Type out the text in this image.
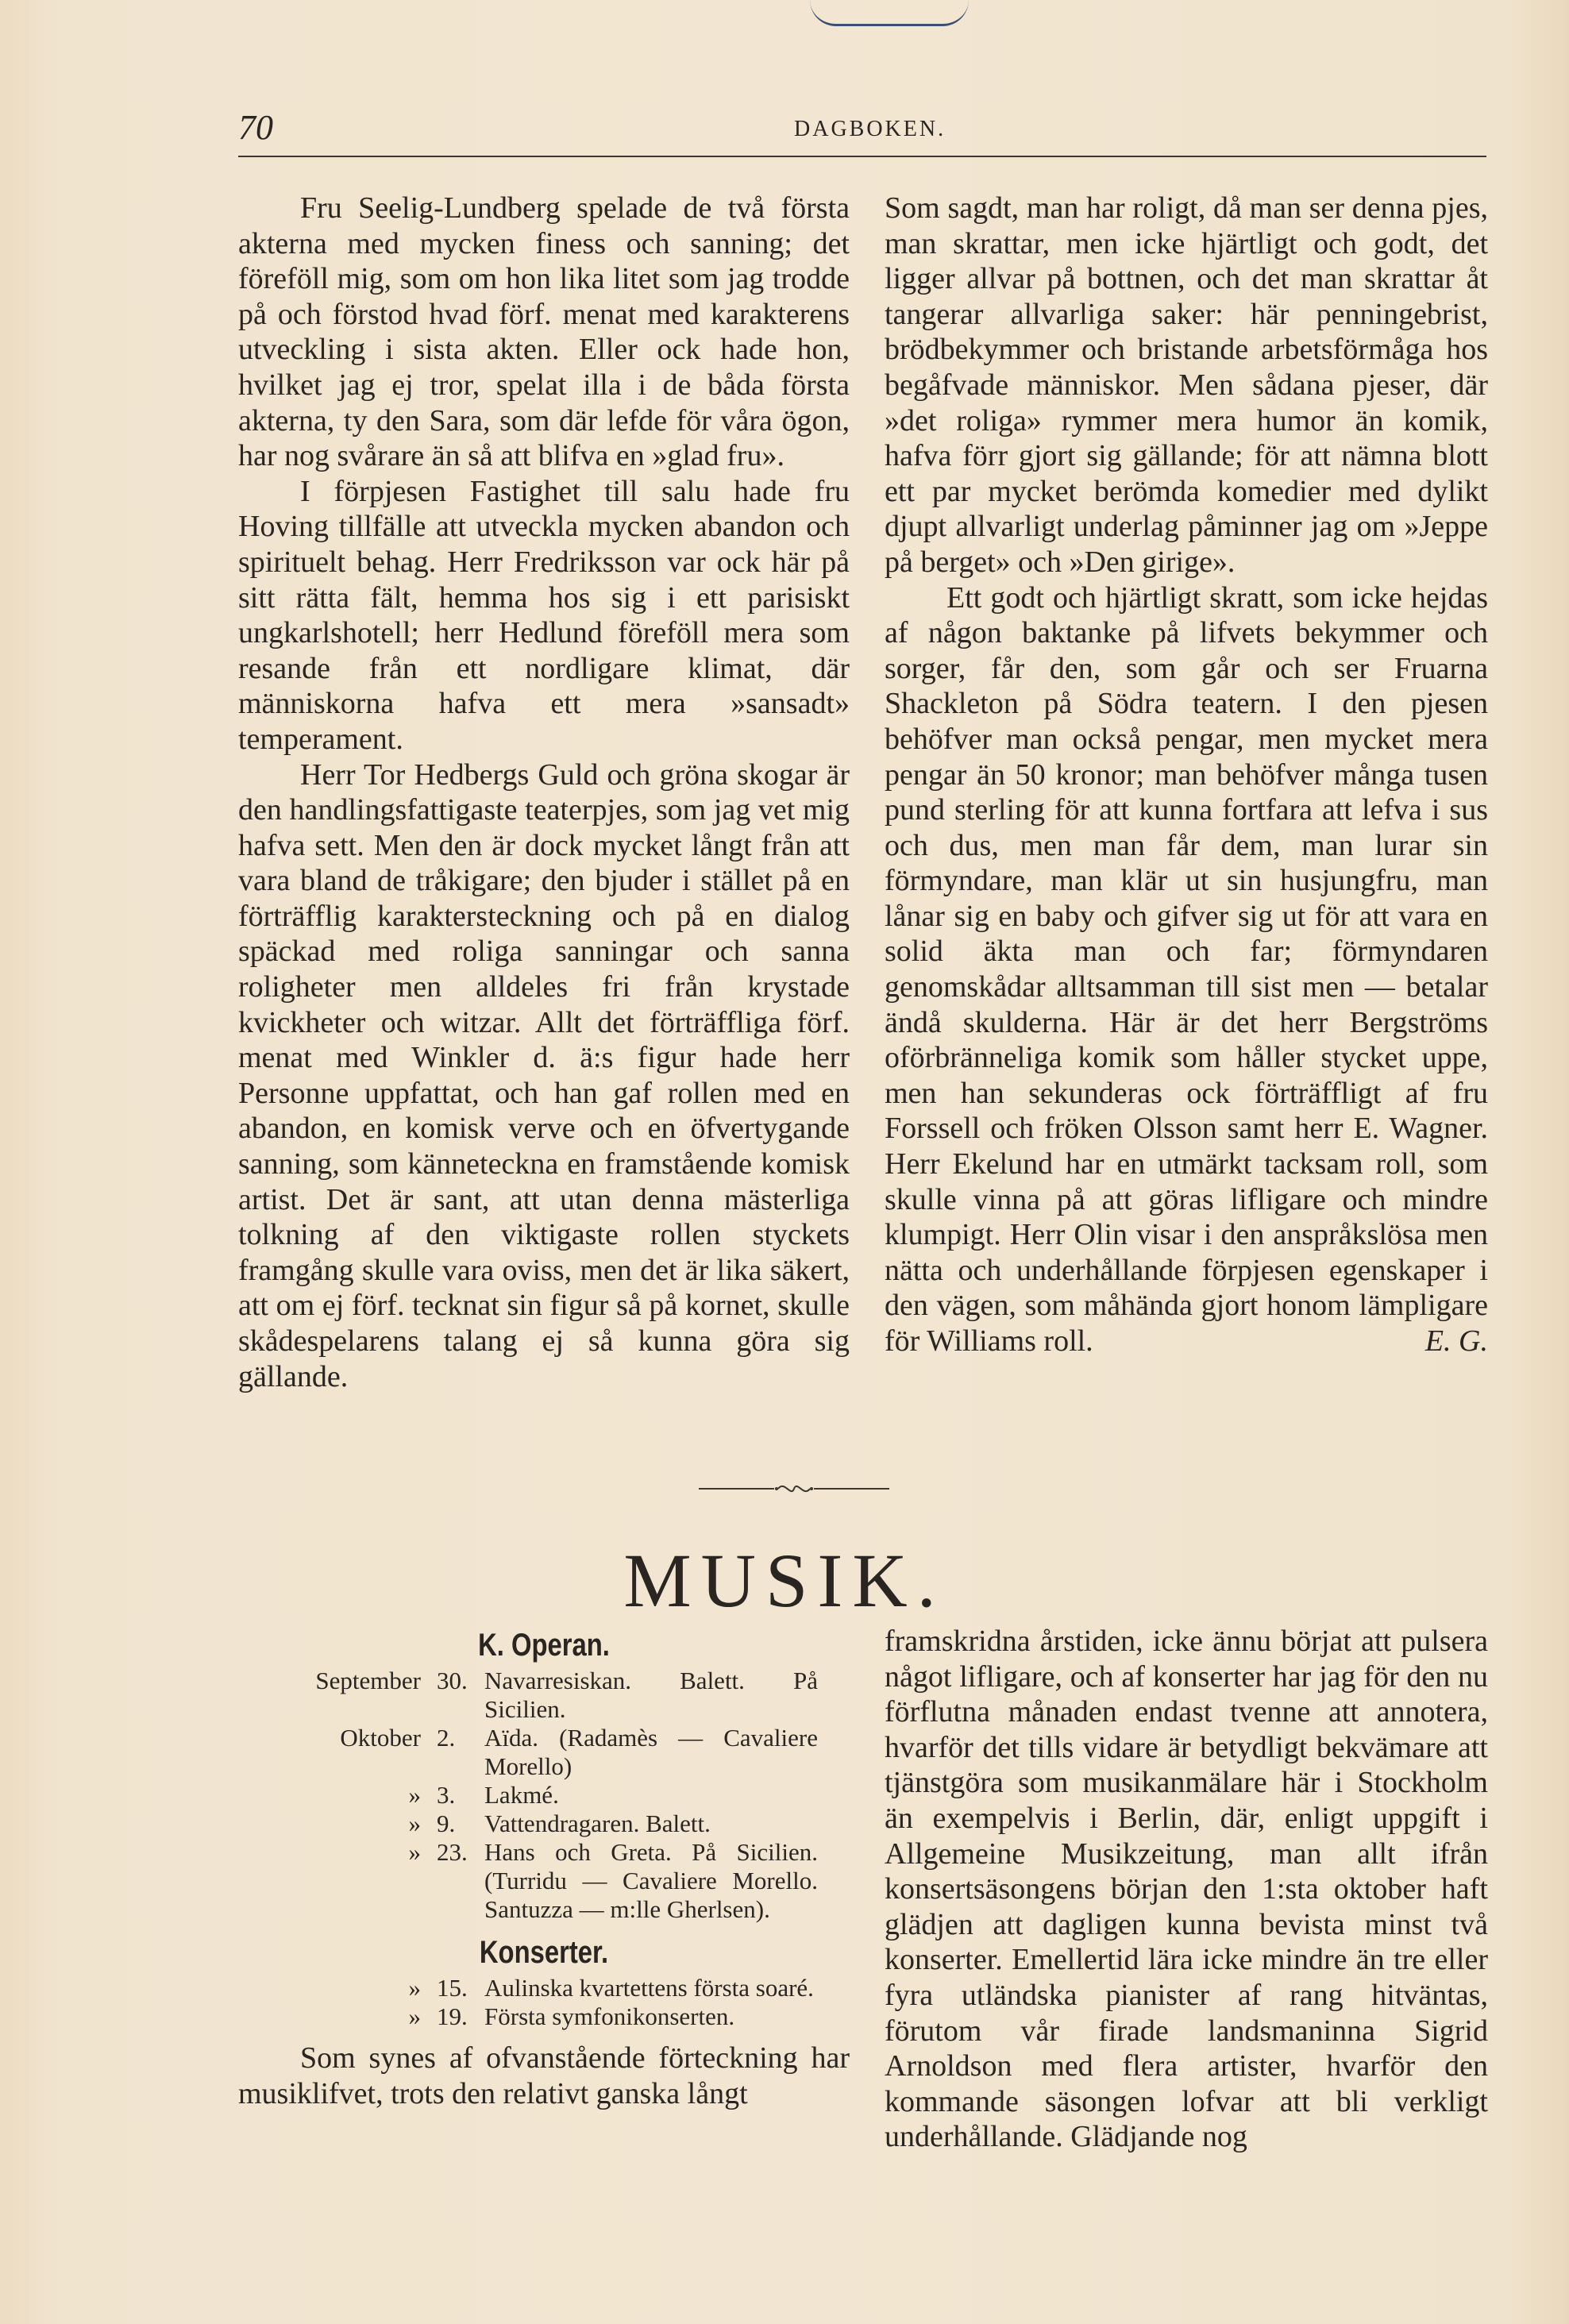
70	DAGBOKEN.

Fru Seelig-Lundberg spelade de två första akterna med mycken finess och sanning; det föreföll mig, som om hon lika litet som jag trodde på och förstod hvad förf. menat med karakterens utveckling i sista akten. Eller ock hade hon, hvilket jag ej tror, spelat illa i de båda första akterna, ty den Sara, som där lefde för våra ögon, har nog svårare än så att blifva en »glad fru».

I förpjesen Fastighet till salu hade fru Hoving tillfälle att utveckla mycken abandon och spirituelt behag. Herr Fredriksson var ock här på sitt rätta fält, hemma hos sig i ett parisiskt ungkarlshotell; herr Hedlund föreföll mera som resande från ett nordligare klimat, där människorna hafva ett mera »sansadt» temperament.

Herr Tor Hedbergs Guld och gröna skogar är den handlingsfattigaste teaterpjes, som jag vet mig hafva sett. Men den är dock mycket långt från att vara bland de tråkigare; den bjuder i stället på en förträfflig karaktersteckning och på en dialog späckad med roliga sanningar och sanna roligheter men alldeles fri från krystade kvickheter och witzar. Allt det förträffliga förf. menat med Winkler d. ä:s figur hade herr Personne uppfattat, och han gaf rollen med en abandon, en komisk verve och en öfvertygande sanning, som känneteckna en framstående komisk artist. Det är sant, att utan denna mästerliga tolkning af den viktigaste rollen styckets framgång skulle vara oviss, men det är lika säkert, att om ej förf. tecknat sin figur så på kornet, skulle skådespelarens talang ej så kunna göra sig gällande.

Som sagdt, man har roligt, då man ser denna pjes, man skrattar, men icke hjärtligt och godt, det ligger allvar på bottnen, och det man skrattar åt tangerar allvarliga saker: här penningebrist, brödbekymmer och bristande arbetsförmåga hos begåfvade människor. Men sådana pjeser, där »det roliga» rymmer mera humor än komik, hafva förr gjort sig gällande; för att nämna blott ett par mycket berömda komedier med dylikt djupt allvarligt underlag påminner jag om »Jeppe på berget» och »Den girige».

Ett godt och hjärtligt skratt, som icke hejdas af någon baktanke på lifvets bekymmer och sorger, får den, som går och ser Fruarna Shackleton på Södra teatern. I den pjesen behöfver man också pengar, men mycket mera pengar än 50 kronor; man behöfver många tusen pund sterling för att kunna fortfara att lefva i sus och dus, men man får dem, man lurar sin förmyndare, man klär ut sin husjungfru, man lånar sig en baby och gifver sig ut för att vara en solid äkta man och far; förmyndaren genomskådar alltsamman till sist men — betalar ändå skulderna. Här är det herr Bergströms oförbränneliga komik som håller stycket uppe, men han sekunderas ock förträffligt af fru Forssell och fröken Olsson samt herr E. Wagner. Herr Ekelund har en utmärkt tacksam roll, som skulle vinna på att göras lifligare och mindre klumpigt. Herr Olin visar i den anspråkslösa men nätta och underhållande förpjesen egenskaper i den vägen, som måhända gjort honom lämpligare för Williams roll.	E. G.

MUSIK.
K. Operan.
September 30. Navarresiskan. Balett. På Sicilien.
Oktober 2.	Aïda. (Radamès — Cavaliere Morello)
» 3.	Lakmé.
» 9.	Vattendragaren. Balett.
» 23. Hans och Greta. På Sicilien. (Turridu — Cavaliere Morello. Santuzza — m:lle Gherlsen).
Konserter.
» 15. Aulinska kvartettens första soaré.
» 19. Första symfonikonserten.

Som synes af ofvanstående förteckning har musiklifvet, trots den relativt ganska långt

framskridna årstiden, icke ännu börjat att pulsera något lifligare, och af konserter har jag för den nu förflutna månaden endast tvenne att annotera, hvarför det tills vidare är betydligt bekvämare att tjänstgöra som musikanmälare här i Stockholm än exempelvis i Berlin, där, enligt uppgift i Allgemeine Musikzeitung, man allt ifrån konsertsäsongens början den 1:sta oktober haft glädjen att dagligen kunna bevista minst två konserter. Emellertid lära icke mindre än tre eller fyra utländska pianister af rang hitväntas, förutom vår firade landsmaninna Sigrid Arnoldson med flera artister, hvarför den kommande säsongen lofvar att bli verkligt underhållande. Glädjande nog
